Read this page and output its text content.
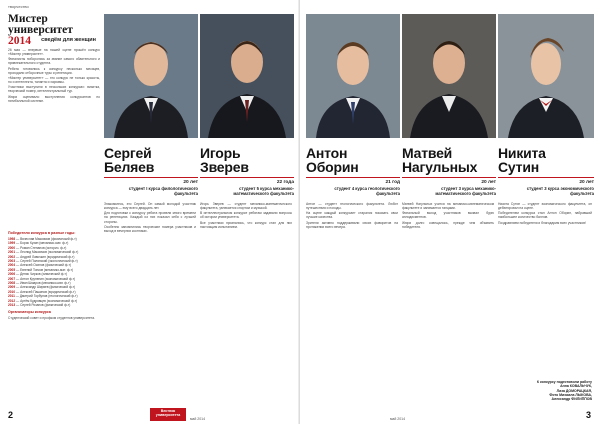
творчество
Мистер
университет 2014	сведём для женщин

26 мая — впервые на нашей сцене прошёл конкурс «Мистер университет».

Финалисты поборолись за звание самого обаятельного и привлекательного студента.

Ребята готовились к конкурсу несколько месяцев, проходили отборочные туры и репетиции.

«Мистер университет» — это конкурс не только красоты, но и интеллекта, таланта и харизмы.

Участники выступили в нескольких конкурсах: визитка, творческий номер, интеллектуальный тур.

Жюри оценивало выступления конкурсантов по пятибалльной системе.

Победители конкурса в разные годы:
1998 — Вячеслав Максимов (физический ф-т)
1999 — Борис Кузин (механико-мат. ф-т)
2000 — Роман Степанов (историч. ф-т)
2001 — Леонид Максимов (экономический ф-т)
2002 — Андрей Лавочкин (юридический ф-т)
2003 — Сергей Полянский (экологический ф-т)
2004 — Алексей Осипов (физический ф-т)
2005 — Евгений Тонков (механико-мат. ф-т)
2006 — Денис Чирков (химический ф-т)
2007 — Антон Крупенин (экономический ф-т)
2008 — Иван Шмаров (механико-мат. ф-т)
2009 — Александр Ширяев (физический ф-т)
2010 — Алексей Пашинов (юридический ф-т)
2011 — Дмитрий Горбунов (геологический ф-т)
2012 — Артём Кудрявцев (экономический ф-т)
2013 — Сергей Розанов (физический ф-т)
Организаторы конкурса
Студенческий совет и профком студентов университета.
Сергей
Беляев
Игорь
Зверев
20 лет
студент I курса филологического факультета
22 года
студент 5 курса механико-математического факультета

Знакомьтесь, это Сергей. Он самый молодой участник конкурса — ему всего двадцать лет.

Для подготовки к конкурсу ребята провели много времени на репетициях. Каждый из них показал себя с лучшей стороны.

Особенно запомнились творческие номера участников и выход в вечерних костюмах.

Игорь Зверев — студент механико-математического факультета, увлекается спортом и музыкой.

В интеллектуальном конкурсе ребятам задавали вопросы об истории университета.

Все участники признались, что конкурс стал для них настоящим испытанием.

2	Вестник университета
май 2014
Антон
Оборин
Матвей
Нагульных
Никита
Сутин
21 год
студент 4 курса геологического факультета
20 лет
студент 3 курса механико-математического факультета
20 лет
студент 3 курса экономического факультета

Антон — студент геологического факультета. Любит путешествия и походы.

На сцене каждый конкурсант старался показать свои лучшие качества.

Зрители активно поддерживали своих фаворитов на протяжении всего вечера.

Матвей Нагульных учится на механико-математическом факультете и занимается танцами.

Финальный выход участников вызвал бурю аплодисментов.

Жюри долго совещалось, прежде чем объявить победителя.

Никита Сутин — студент экономического факультета, он дебютировал на сцене.

Победителем конкурса стал Антон Оборин, набравший наибольшее количество баллов.

Поздравляем победителя и благодарим всех участников!

К конкурсу подготовили работу
Анна КОВАЛЬЧУК,
Лиза ДОМОРАЦКАЯ,
Фото Михаила ЛЫКОВА,
Александр ФИЛИППОВ
май 2014	3
